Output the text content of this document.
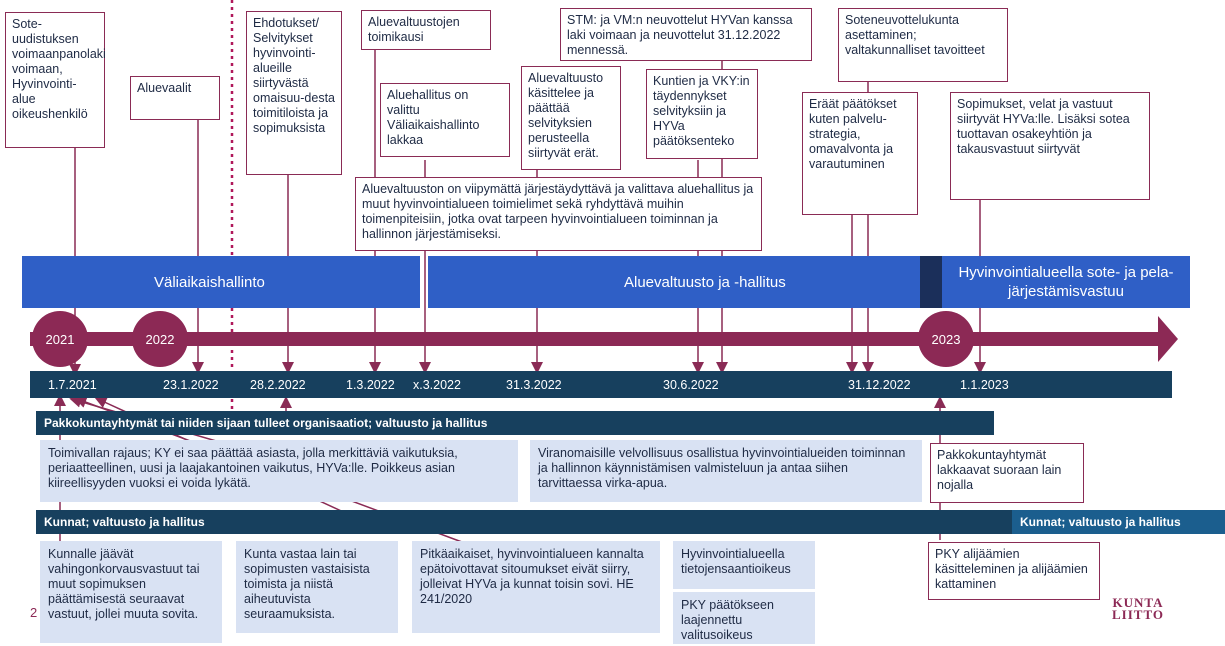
Väliaikaishallinto	Aluevaltuusto ja -hallitus
Hyvinvointialueella sote- ja pela- järjestämisvastuu
2021	2022	2023
1.7.2021	23.1.2022	28.2.2022	1.3.2022 x.3.2022	31.3.2022	30.6.2022	31.12.2022	1.1.2023
Sote-uudistuksen voimaanpanolaki voimaan, Hyvinvointi-alue oikeushenkilö
Aluevaalit
Ehdotukset/ Selvitykset hyvinvointi-alueille siirtyvästä omaisuu-desta toimitiloista ja sopimuksista
Aluevaltuustojen toimikausi
Aluehallitus on valittu Väliaikaishallinto lakkaa
Aluevaltuusto käsittelee ja päättää selvityksien perusteella siirtyvät erät.
STM: ja VM:n neuvottelut HYVan kanssa laki voimaan ja neuvottelut 31.12.2022 mennessä.
Kuntien ja VKY:in täydennykset selvityksiin ja HYVa päätöksenteko
Soteneuvottelukunta asettaminen; valtakunnalliset tavoitteet
Eräät päätökset kuten palvelu-strategia, omavalvonta ja varautuminen
Sopimukset, velat ja vastuut siirtyvät HYVa:lle. Lisäksi sotea tuottavan osakeyhtiön ja takausvastuut siirtyvät
Aluevaltuuston on viipymättä järjestäydyttävä ja valittava aluehallitus ja muut hyvinvointialueen toimielimet sekä ryhdyttävä muihin toimenpiteisiin, jotka ovat tarpeen hyvinvointialueen toiminnan ja hallinnon järjestämiseksi.
Pakkokuntayhtymät tai niiden sijaan tulleet organisaatiot; valtuusto ja hallitus
Toimivallan rajaus; KY ei saa päättää asiasta, jolla merkittäviä vaikutuksia, periaatteellinen, uusi ja laajakantoinen vaikutus, HYVa:lle. Poikkeus asian kiireellisyyden vuoksi ei voida lykätä.
Viranomaisille velvollisuus osallistua hyvinvointialueiden toiminnan ja hallinnon käynnistämisen valmisteluun ja antaa siihen tarvittaessa virka-apua.
Pakkokuntayhtymät lakkaavat suoraan lain nojalla
Kunnat; valtuusto ja hallitus	Kunnat; valtuusto ja hallitus
Kunnalle jäävät vahingonkorvausvastuut tai muut sopimuksen päättämisestä seuraavat vastuut, jollei muuta sovita.
Kunta vastaa lain tai sopimusten vastaisista toimista ja niistä aiheutuvista seuraamuksista.
Pitkäaikaiset, hyvinvointialueen kannalta epätoivottavat sitoumukset eivät siirry, jolleivat HYVa ja kunnat toisin sovi. HE 241/2020
Hyvinvointialueella tietojensaantioikeus
PKY päätökseen laajennettu valitusoikeus
PKY alijäämien käsitteleminen ja alijäämien kattaminen
2
KUNTA LIITTO
